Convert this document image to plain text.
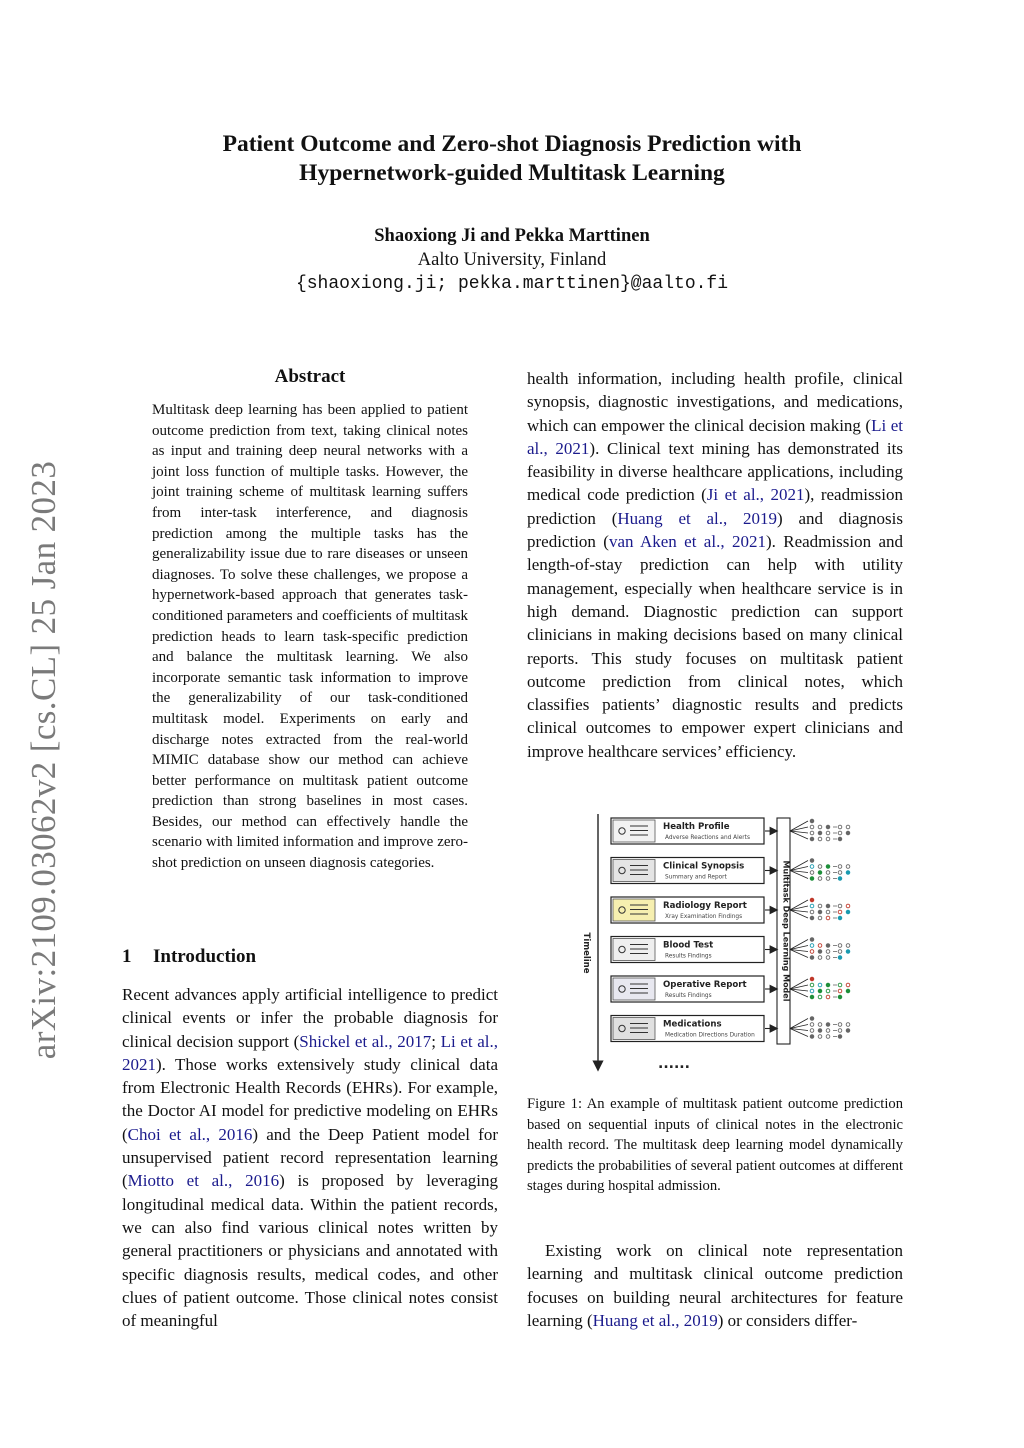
arXiv:2109.03062v2 [cs.CL] 25 Jan 2023
Patient Outcome and Zero-shot Diagnosis Prediction with
Hypernetwork-guided Multitask Learning
Shaoxiong Ji and Pekka Marttinen
Aalto University, Finland
{shaoxiong.ji; pekka.marttinen}@aalto.fi
Abstract
Multitask deep learning has been applied to patient outcome prediction from text, taking clinical notes as input and training deep neural networks with a joint loss function of multiple tasks. However, the joint training scheme of multitask learning suffers from inter-task interference, and diagnosis prediction among the multiple tasks has the generalizability issue due to rare diseases or unseen diagnoses. To solve these challenges, we propose a hypernetwork-based approach that generates task-conditioned parameters and coefficients of multitask prediction heads to learn task-specific prediction and balance the multitask learning. We also incorporate semantic task information to improve the generalizability of our task-conditioned multitask model. Experiments on early and discharge notes extracted from the real-world MIMIC database show our method can achieve better performance on multitask patient outcome prediction than strong baselines in most cases. Besides, our method can effectively handle the scenario with limited information and improve zero-shot prediction on unseen diagnosis categories.
1 Introduction

Recent advances apply artificial intelligence to predict clinical events or infer the probable diagnosis for clinical decision support (Shickel et al., 2017; Li et al., 2021). Those works extensively study clinical data from Electronic Health Records (EHRs). For example, the Doctor AI model for predictive modeling on EHRs (Choi et al., 2016) and the Deep Patient model for unsupervised patient record representation learning (Miotto et al., 2016) is proposed by leveraging longitudinal medical data. Within the patient records, we can also find various clinical notes written by general practitioners or physicians and annotated with specific diagnosis results, medical codes, and other clues of patient outcome. Those clinical notes consist of meaningful

health information, including health profile, clinical synopsis, diagnostic investigations, and medications, which can empower the clinical decision making (Li et al., 2021). Clinical text mining has demonstrated its feasibility in diverse healthcare applications, including medical code prediction (Ji et al., 2021), readmission prediction (Huang et al., 2019) and diagnosis prediction (van Aken et al., 2021). Readmission and length-of-stay prediction can help with utility management, especially when healthcare service is in high demand. Diagnostic prediction can support clinicians in making decisions based on many clinical reports. This study focuses on multitask patient outcome prediction from clinical notes, which classifies patients’ diagnostic results and predicts clinical outcomes to empower expert clinicians and improve healthcare services’ efficiency.

Timeline	Multitask Deep Learning Model
Health Profile
Adverse Reactions and Alerts
Clinical Synopsis
Summary and Report
Radiology Report
Xray Examination Findings
Blood Test
Results Findings
Operative Report
Results Findings
Medications
Medication Directions Duration
......
Figure 1: An example of multitask patient outcome prediction based on sequential inputs of clinical notes in the electronic health record. The multitask deep learning model dynamically predicts the probabilities of several patient outcomes at different stages during hospital admission.

Existing work on clinical note representation learning and multitask clinical outcome prediction focuses on building neural architectures for feature learning (Huang et al., 2019) or considers differ-
